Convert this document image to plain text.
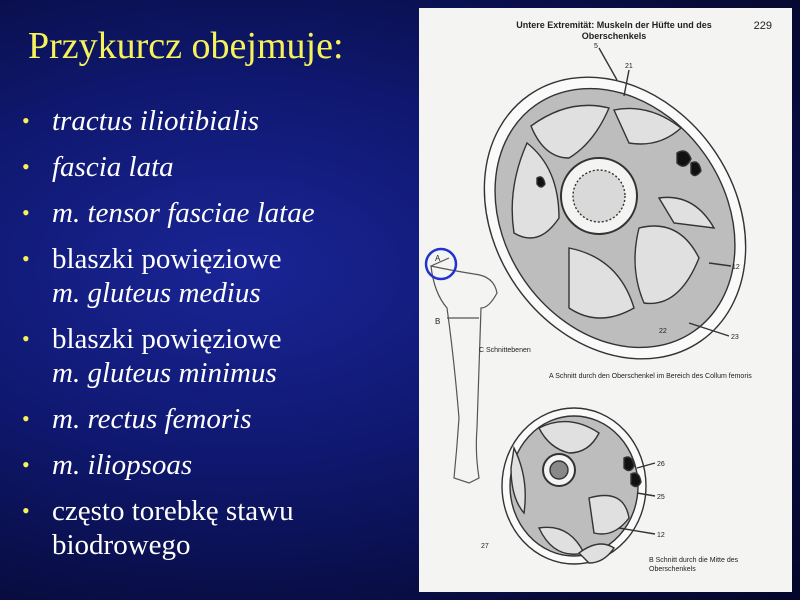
Przykurcz obejmuje:
• tractus iliotibialis
• fascia lata
• m. tensor fasciae latae
• blaszki powięziowe
m. gluteus medius
• blaszki powięziowe
m. gluteus minimus
• m. rectus femoris
• m. iliopsoas
• często torebkę stawu
biodrowego
Untere Extremität: Muskeln der Hüfte und des Oberschenkels
229
5
21
12
23
22
A
B
26
25
12
27
C Schnittebenen
A Schnitt durch den Oberschenkel im Bereich des Collum femoris
B Schnitt durch die Mitte des Oberschenkels
